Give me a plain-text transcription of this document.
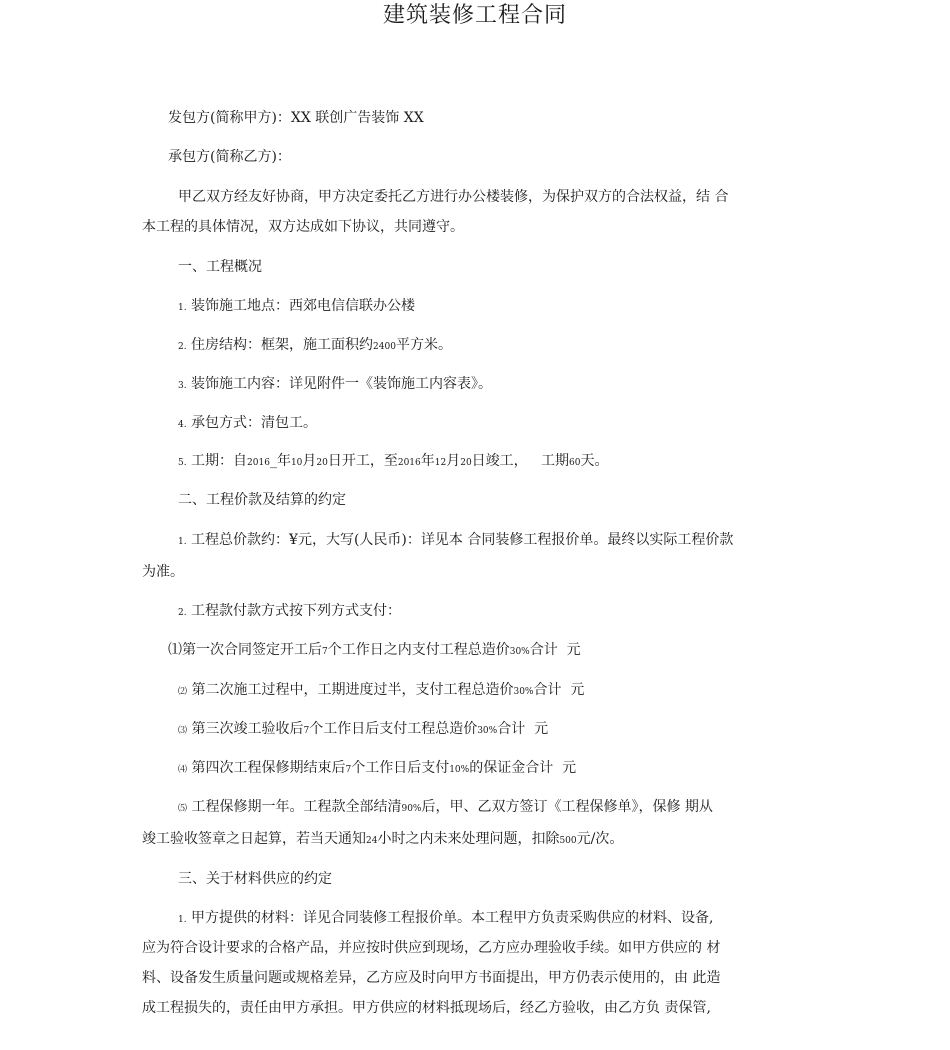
建筑装修工程合同
发包方(简称甲方)：XX 联创广告装饰 XX
承包方(简称乙方)：
甲乙双方经友好协商，甲方决定委托乙方进行办公楼装修，为保护双方的合法权益，结 合
本工程的具体情况，双方达成如下协议，共同遵守。
一、工程概况
1. 装饰施工地点：西郊电信信联办公楼
2. 住房结构：框架，施工面积约2400平方米。
3. 装饰施工内容：详见附件一《装饰施工内容表》。
4. 承包方式：清包工。
5. 工期：自2016_年10月20日开工，至2016年12月20日竣工， 工期60天。
二、工程价款及结算的约定
1. 工程总价款约：¥元，大写(人民币)：详见本 合同装修工程报价单。最终以实际工程价款
为准。
2. 工程款付款方式按下列方式支付：
⑴第一次合同签定开工后7个工作日之内支付工程总造价30%合计 元
⑵ 第二次施工过程中，工期进度过半，支付工程总造价30%合计 元
⑶ 第三次竣工验收后7个工作日后支付工程总造价30%合计 元
⑷ 第四次工程保修期结束后7个工作日后支付10%的保证金合计 元
⑸ 工程保修期一年。工程款全部结清90%后，甲、乙双方签订《工程保修单》，保修 期从
竣工验收签章之日起算，若当天通知24小时之内未来处理问题，扣除500元/次。
三、关于材料供应的约定
1. 甲方提供的材料：详见合同装修工程报价单。本工程甲方负责采购供应的材料、设备,
应为符合设计要求的合格产品，并应按时供应到现场，乙方应办理验收手续。如甲方供应的 材
料、设备发生质量问题或规格差异，乙方应及时向甲方书面提出，甲方仍表示使用的，由 此造
成工程损失的，责任由甲方承担。甲方供应的材料抵现场后，经乙方验收，由乙方负 责保管,
